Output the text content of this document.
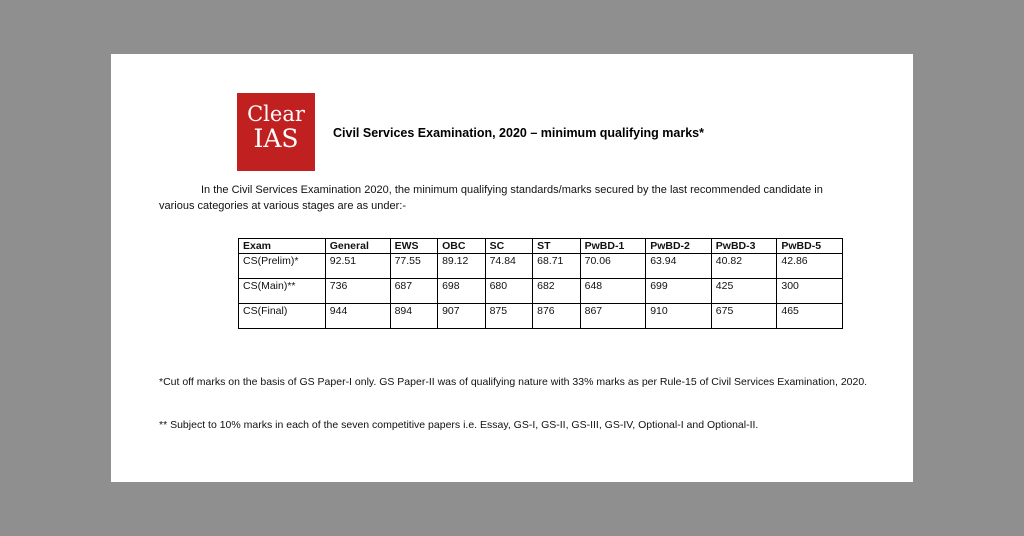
Clear
IAS	Civil Services Examination, 2020 – minimum qualifying marks*
In the Civil Services Examination 2020, the minimum qualifying standards/marks secured by the last recommended candidate in various categories at various stages are as under:-
Exam	General	EWS	OBC	SC	ST	PwBD-1	PwBD-2	PwBD-3	PwBD-5
CS(Prelim)*	92.51	77.55	89.12	74.84	68.71	70.06	63.94	40.82	42.86
CS(Main)**	736	687	698	680	682	648	699	425	300
CS(Final)	944	894	907	875	876	867	910	675	465
*Cut off marks on the basis of GS Paper-I only. GS Paper-II was of qualifying nature with 33% marks as per Rule-15 of Civil Services Examination, 2020.
** Subject to 10% marks in each of the seven competitive papers i.e. Essay, GS-I, GS-II, GS-III, GS-IV, Optional-I and Optional-II.
